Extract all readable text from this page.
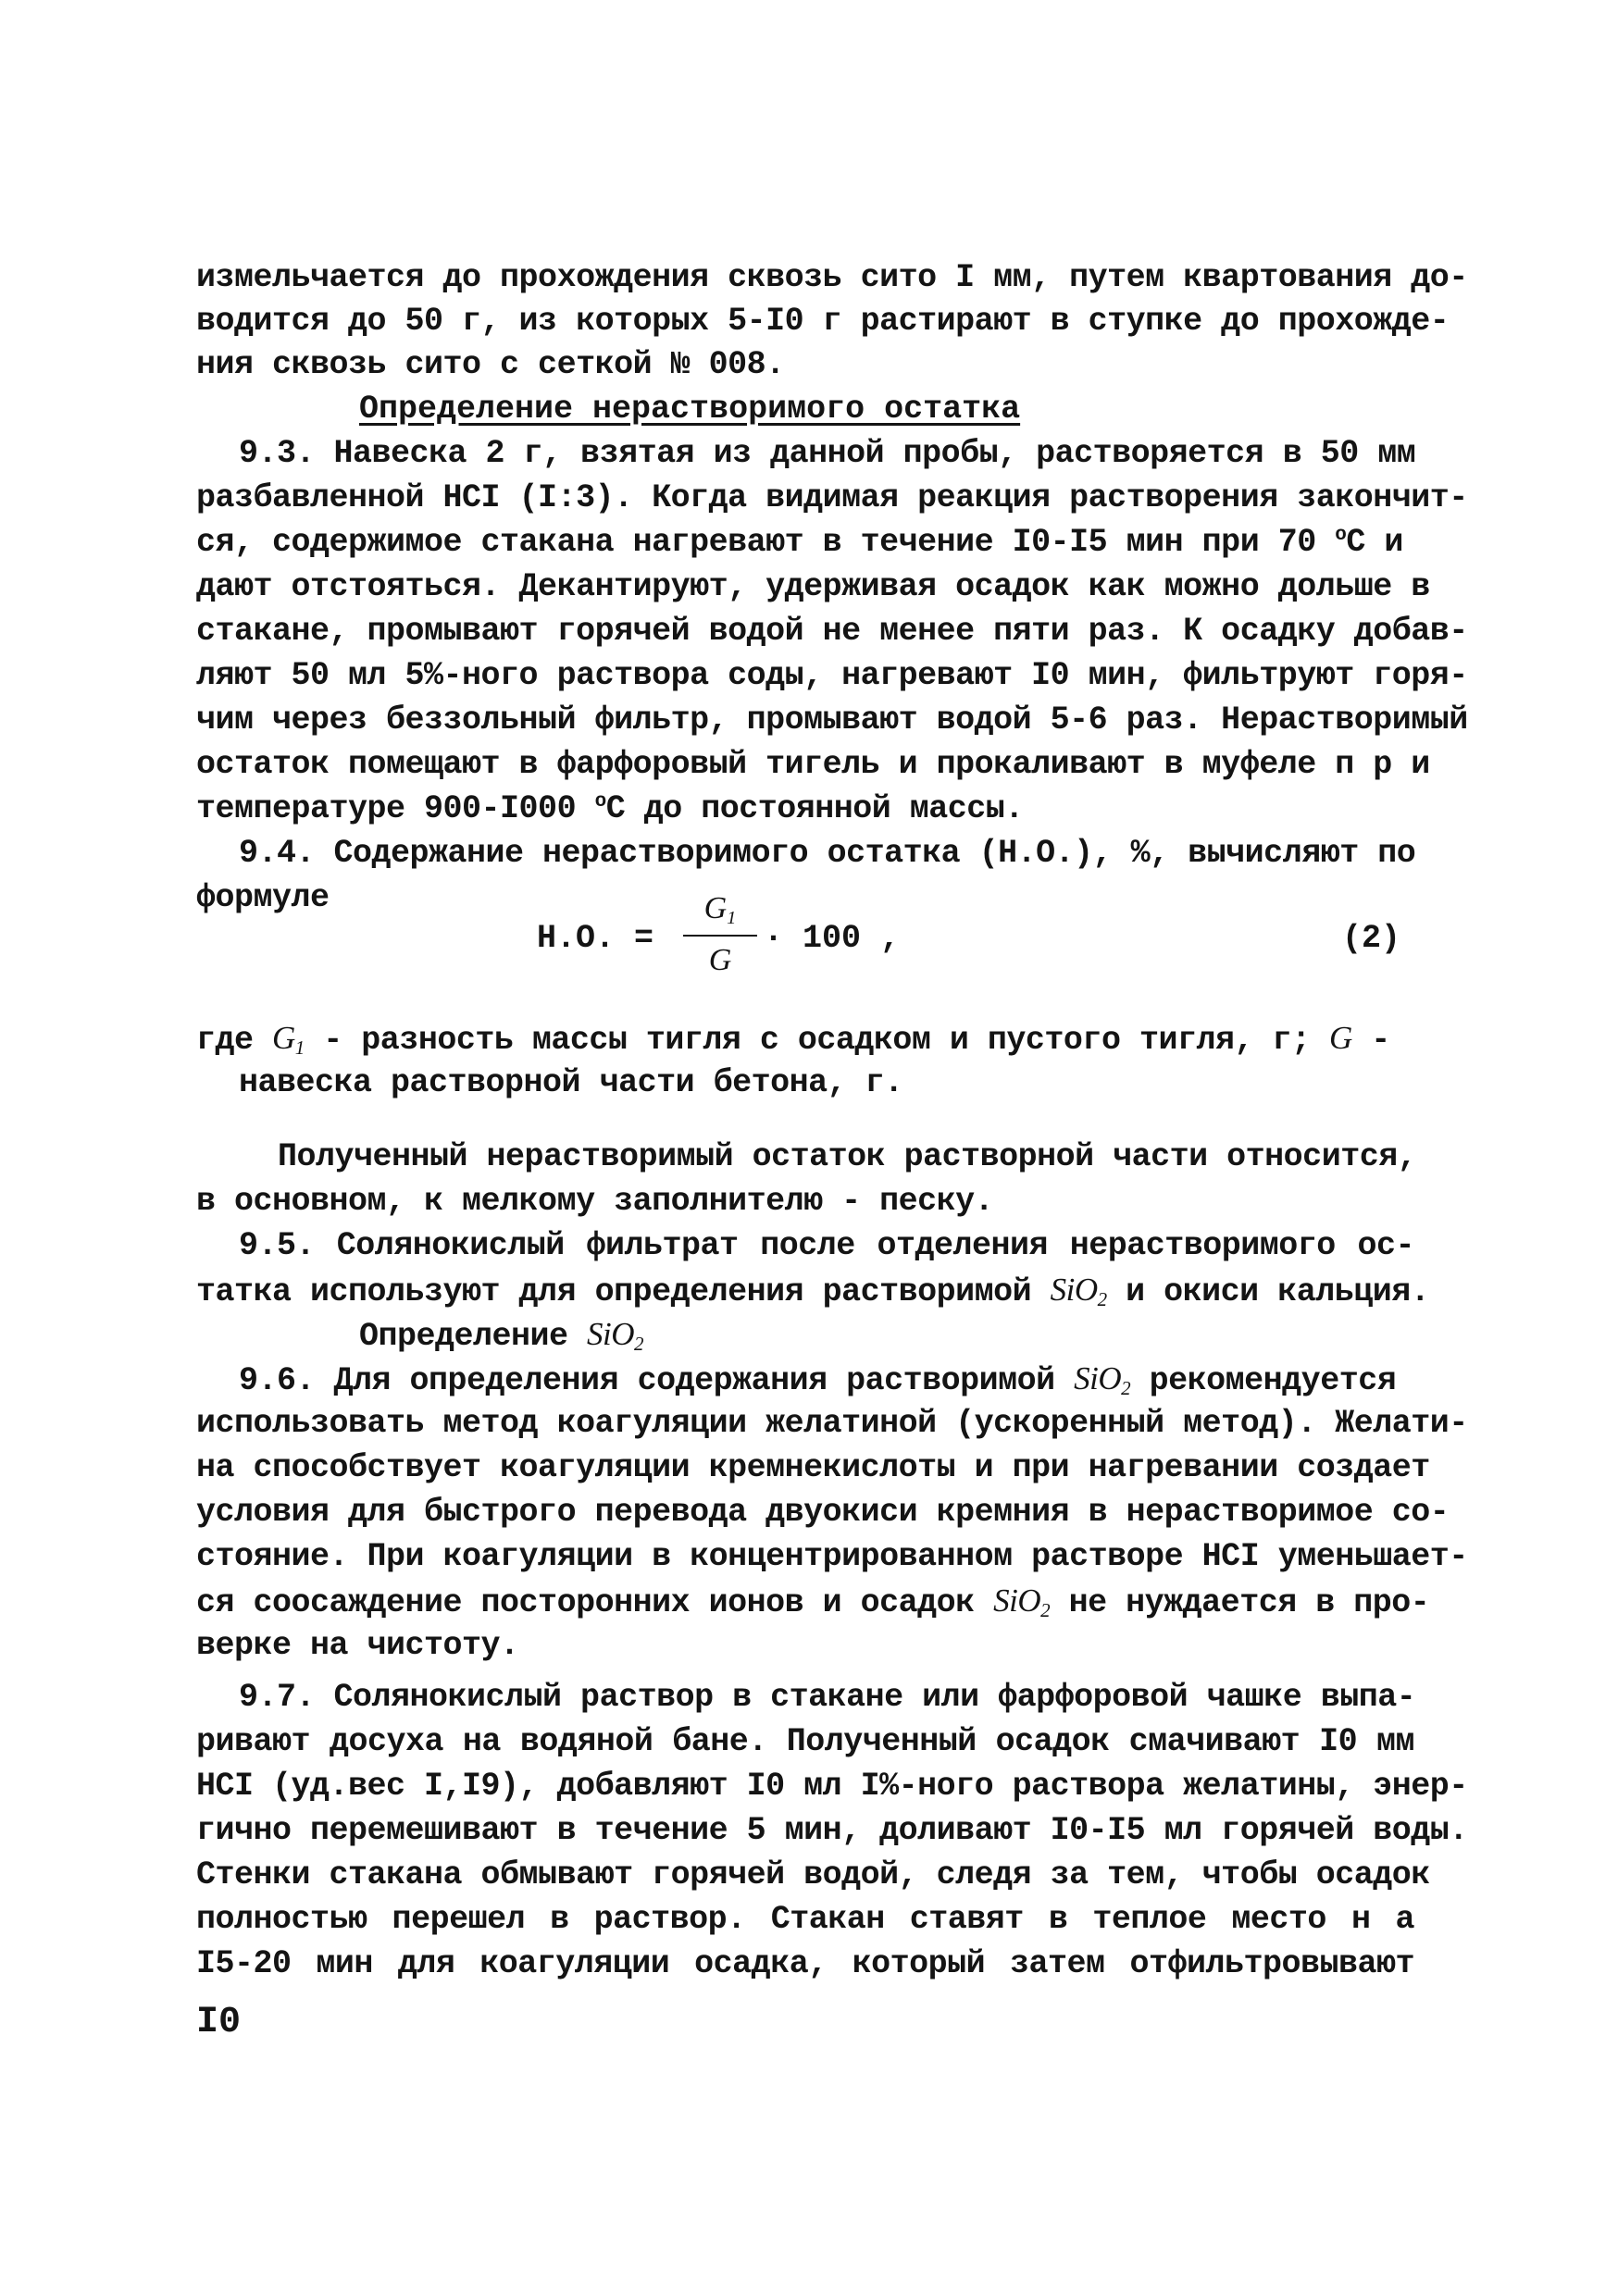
измельчается до прохождения сквозь сито I мм, путем квартования до-
водится до 50 г, из которых 5-I0 г растирают в ступке до прохожде-
ния сквозь сито с сеткой № 008.
Определение нерастворимого остатка
9.3. Навеска 2 г, взятая из данной пробы, растворяется в 50 мм
разбавленной НСI (I:3). Когда видимая реакция растворения закончит-
ся, содержимое стакана нагревают в течение I0-I5 мин при 70 $^о$С и
дают отстояться. Декантируют, удерживая осадок как можно дольше в
стакане, промывают горячей водой не менее пяти раз. К осадку добав-
ляют 50 мл 5%-ного раствора соды, нагревают I0 мин, фильтруют горя-
чим через беззольный фильтр, промывают водой 5-6 раз. Нерастворимый
остаток помещают в фарфоровый тигель и прокаливают в муфеле п р и
температуре 900-I000 $^о$С до постоянной массы.
9.4. Содержание нерастворимого остатка (Н.О.), %, вычисляют по
формуле
Н.О. =
$G_1$
G
· 100 ,	(2)
где $G_1$ - разность массы тигля с осадком и пустого тигля, г; G -
навеска растворной части бетона, г.
Полученный нерастворимый остаток растворной части относится,
в основном, к мелкому заполнителю - песку.
9.5. Солянокислый фильтрат после отделения нерастворимого ос-
татка используют для определения растворимой SiO$_2$ и окиси кальция.
Определение SiO$_2$
9.6. Для определения содержания растворимой SiO$_2$ рекомендуется
использовать метод коагуляции желатиной (ускоренный метод). Желати-
на способствует коагуляции кремнекислоты и при нагревании создает
условия для быстрого перевода двуокиси кремния в нерастворимое со-
стояние. При коагуляции в концентрированном растворе НСI уменьшает-
ся соосаждение посторонних ионов и осадок SiO$_2$ не нуждается в про-
верке на чистоту.
9.7. Солянокислый раствор в стакане или фарфоровой чашке выпа-
ривают досуха на водяной бане. Полученный осадок смачивают I0 мм
НСI (уд.вес I,I9), добавляют I0 мл I%-ного раствора желатины, энер-
гично перемешивают в течение 5 мин, доливают I0-I5 мл горячей воды.
Стенки стакана обмывают горячей водой, следя за тем, чтобы осадок
полностью перешел в раствор. Стакан ставят в теплое место н а
I5-20 мин для коагуляции осадка, который затем отфильтровывают
I0
